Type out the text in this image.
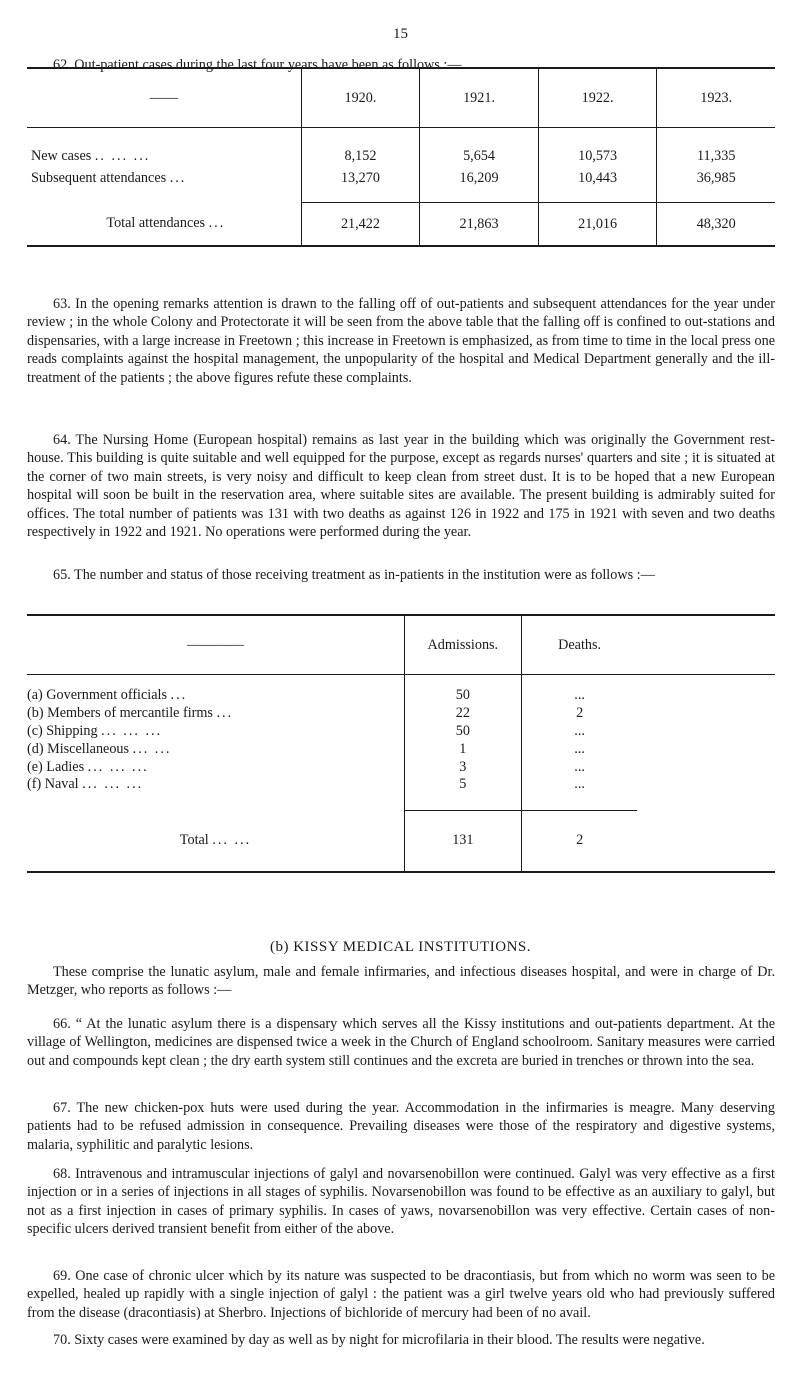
15

62. Out-patient cases during the last four years have been as follows :—

——	1920.	1921.	1922.	1923.
New cases .. ... ...	8,152	5,654	10,573	11,335
Subsequent attendances ...	13,270	16,209	10,443	36,985

Total attendances ...	21,422	21,863	21,016	48,320

63. In the opening remarks attention is drawn to the falling off of out-patients and subsequent attendances for the year under review ; in the whole Colony and Protectorate it will be seen from the above table that the falling off is confined to out-stations and dispensaries, with a large increase in Freetown ; this increase in Freetown is emphasized, as from time to time in the local press one reads complaints against the hospital management, the unpopularity of the hospital and Medical Department generally and the ill-treatment of the patients ; the above figures refute these complaints.

64. The Nursing Home (European hospital) remains as last year in the building which was originally the Government rest-house. This building is quite suitable and well equipped for the purpose, except as regards nurses' quarters and site ; it is situated at the corner of two main streets, is very noisy and difficult to keep clean from street dust. It is to be hoped that a new European hospital will soon be built in the reservation area, where suitable sites are available. The present building is admirably suited for offices. The total number of patients was 131 with two deaths as against 126 in 1922 and 175 in 1921 with seven and two deaths respectively in 1922 and 1921. No operations were performed during the year.

65. The number and status of those receiving treatment as in-patients in the institution were as follows :—

————	Admissions.	Deaths.	
(a) Government officials ...	50	...	
(b) Members of mercantile firms ...	22	2	
(c) Shipping ... ... ...	50	...	
(d) Miscellaneous ... ...	1	...	
(e) Ladies ... ... ...	3	...	
(f) Naval ... ... ...	5	...	

Total ... ...	131	2	
(b) KISSY MEDICAL INSTITUTIONS.

These comprise the lunatic asylum, male and female infirmaries, and infectious diseases hospital, and were in charge of Dr. Metzger, who reports as follows :—

66. “ At the lunatic asylum there is a dispensary which serves all the Kissy institutions and out-patients department. At the village of Wellington, medicines are dispensed twice a week in the Church of England schoolroom. Sanitary measures were carried out and compounds kept clean ; the dry earth system still continues and the excreta are buried in trenches or thrown into the sea.

67. The new chicken-pox huts were used during the year. Accommodation in the infirmaries is meagre. Many deserving patients had to be refused admission in consequence. Prevailing diseases were those of the respiratory and digestive systems, malaria, syphilitic and paralytic lesions.

68. Intravenous and intramuscular injections of galyl and novarsenobillon were continued. Galyl was very effective as a first injection or in a series of injections in all stages of syphilis. Novarsenobillon was found to be effective as an auxiliary to galyl, but not as a first injection in cases of primary syphilis. In cases of yaws, novarsenobillon was very effective. Certain cases of non-specific ulcers derived transient benefit from either of the above.

69. One case of chronic ulcer which by its nature was suspected to be dracontiasis, but from which no worm was seen to be expelled, healed up rapidly with a single injection of galyl : the patient was a girl twelve years old who had previously suffered from the disease (dracontiasis) at Sherbro. Injections of bichloride of mercury had been of no avail.

70. Sixty cases were examined by day as well as by night for microfilaria in their blood. The results were negative.
